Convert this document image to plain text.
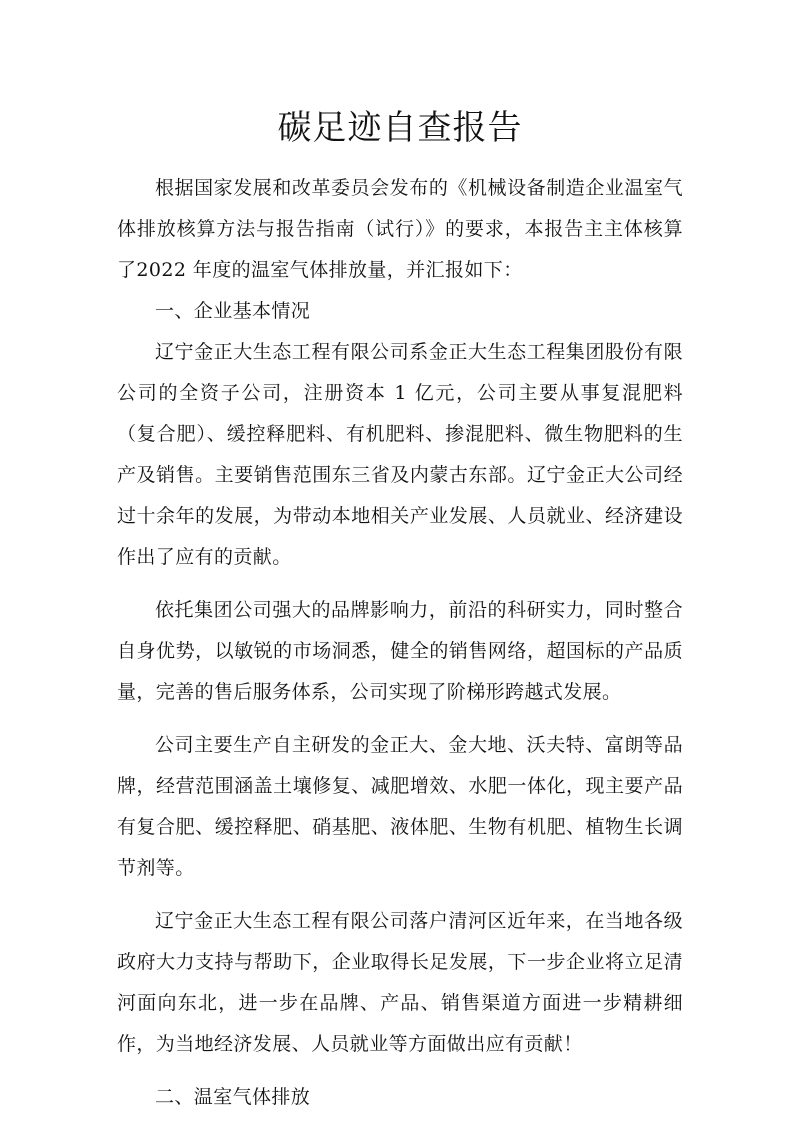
碳足迹自查报告

根据国家发展和改革委员会发布的《机械设备制造企业温室气体排放核算方法与报告指南（试行）》的要求，本报告主主体核算了2022 年度的温室气体排放量，并汇报如下：

一、企业基本情况

辽宁金正大生态工程有限公司系金正大生态工程集团股份有限公司的全资子公司，注册资本 1 亿元，公司主要从事复混肥料（复合肥）、缓控释肥料、有机肥料、掺混肥料、微生物肥料的生产及销售。主要销售范围东三省及内蒙古东部。辽宁金正大公司经过十余年的发展，为带动本地相关产业发展、人员就业、经济建设作出了应有的贡献。

依托集团公司强大的品牌影响力，前沿的科研实力，同时整合自身优势，以敏锐的市场洞悉，健全的销售网络，超国标的产品质量，完善的售后服务体系，公司实现了阶梯形跨越式发展。

公司主要生产自主研发的金正大、金大地、沃夫特、富朗等品牌，经营范围涵盖土壤修复、减肥增效、水肥一体化，现主要产品有复合肥、缓控释肥、硝基肥、液体肥、生物有机肥、植物生长调节剂等。

辽宁金正大生态工程有限公司落户清河区近年来，在当地各级政府大力支持与帮助下，企业取得长足发展，下一步企业将立足清河面向东北，进一步在品牌、产品、销售渠道方面进一步精耕细作，为当地经济发展、人员就业等方面做出应有贡献！

二、温室气体排放
